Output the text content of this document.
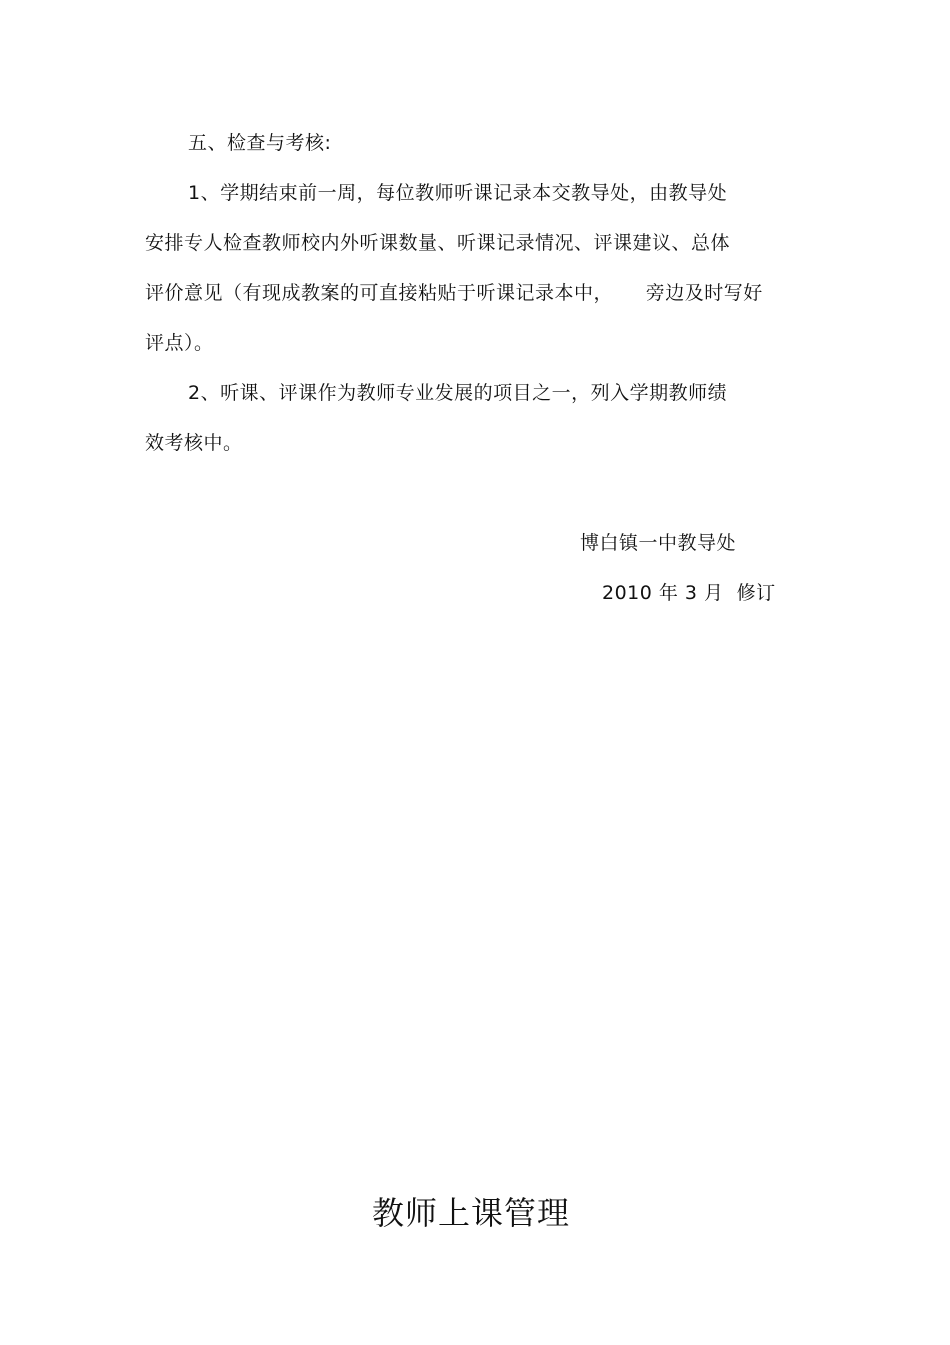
五、检查与考核:
1、学期结束前一周，每位教师听课记录本交教导处，由教导处
安排专人检查教师校内外听课数量、听课记录情况、评课建议、总体
评价意见（有现成教案的可直接粘贴于听课记录本中，     旁边及时写好
评点）。
2、听课、评课作为教师专业发展的项目之一，列入学期教师绩
效考核中。
博白镇一中教导处
2010 年 3 月  修订
教师上课管理
